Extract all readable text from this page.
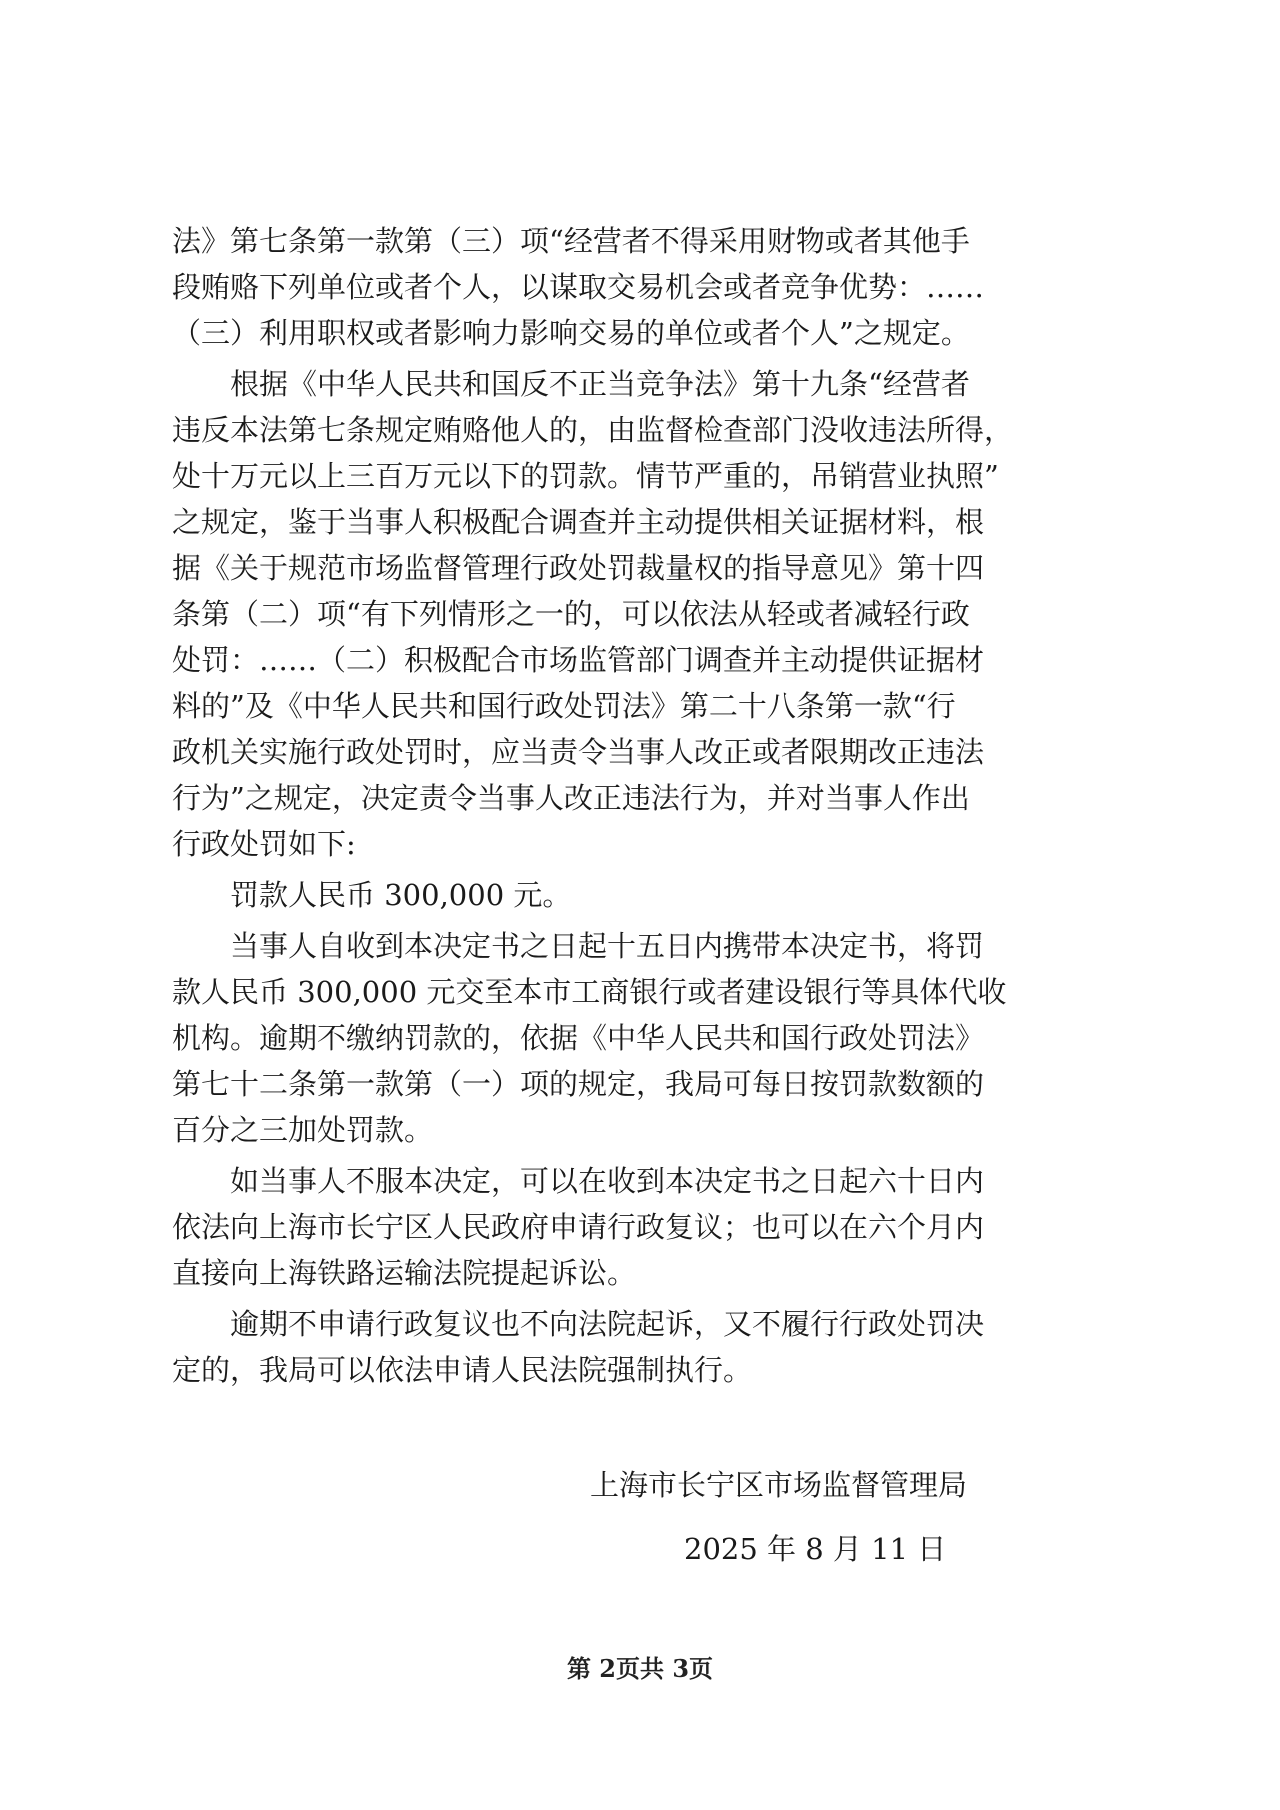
法》第七条第一款第（三）项“经营者不得采用财物或者其他手
段贿赂下列单位或者个人，以谋取交易机会或者竞争优势：……
（三）利用职权或者影响力影响交易的单位或者个人”之规定。
根据《中华人民共和国反不正当竞争法》第十九条“经营者
违反本法第七条规定贿赂他人的，由监督检查部门没收违法所得，
处十万元以上三百万元以下的罚款。情节严重的，吊销营业执照”
之规定，鉴于当事人积极配合调查并主动提供相关证据材料，根
据《关于规范市场监督管理行政处罚裁量权的指导意见》第十四
条第（二）项“有下列情形之一的，可以依法从轻或者减轻行政
处罚：……（二）积极配合市场监管部门调查并主动提供证据材
料的”及《中华人民共和国行政处罚法》第二十八条第一款“行
政机关实施行政处罚时，应当责令当事人改正或者限期改正违法
行为”之规定，决定责令当事人改正违法行为，并对当事人作出
行政处罚如下:
罚款人民币 300,000 元。
当事人自收到本决定书之日起十五日内携带本决定书，将罚
款人民币 300,000 元交至本市工商银行或者建设银行等具体代收
机构。逾期不缴纳罚款的，依据《中华人民共和国行政处罚法》
第七十二条第一款第（一）项的规定，我局可每日按罚款数额的
百分之三加处罚款。
如当事人不服本决定，可以在收到本决定书之日起六十日内
依法向上海市长宁区人民政府申请行政复议；也可以在六个月内
直接向上海铁路运输法院提起诉讼。
逾期不申请行政复议也不向法院起诉，又不履行行政处罚决
定的，我局可以依法申请人民法院强制执行。
上海市长宁区市场监督管理局
2025 年 8 月 11 日
第 2页共 3页
